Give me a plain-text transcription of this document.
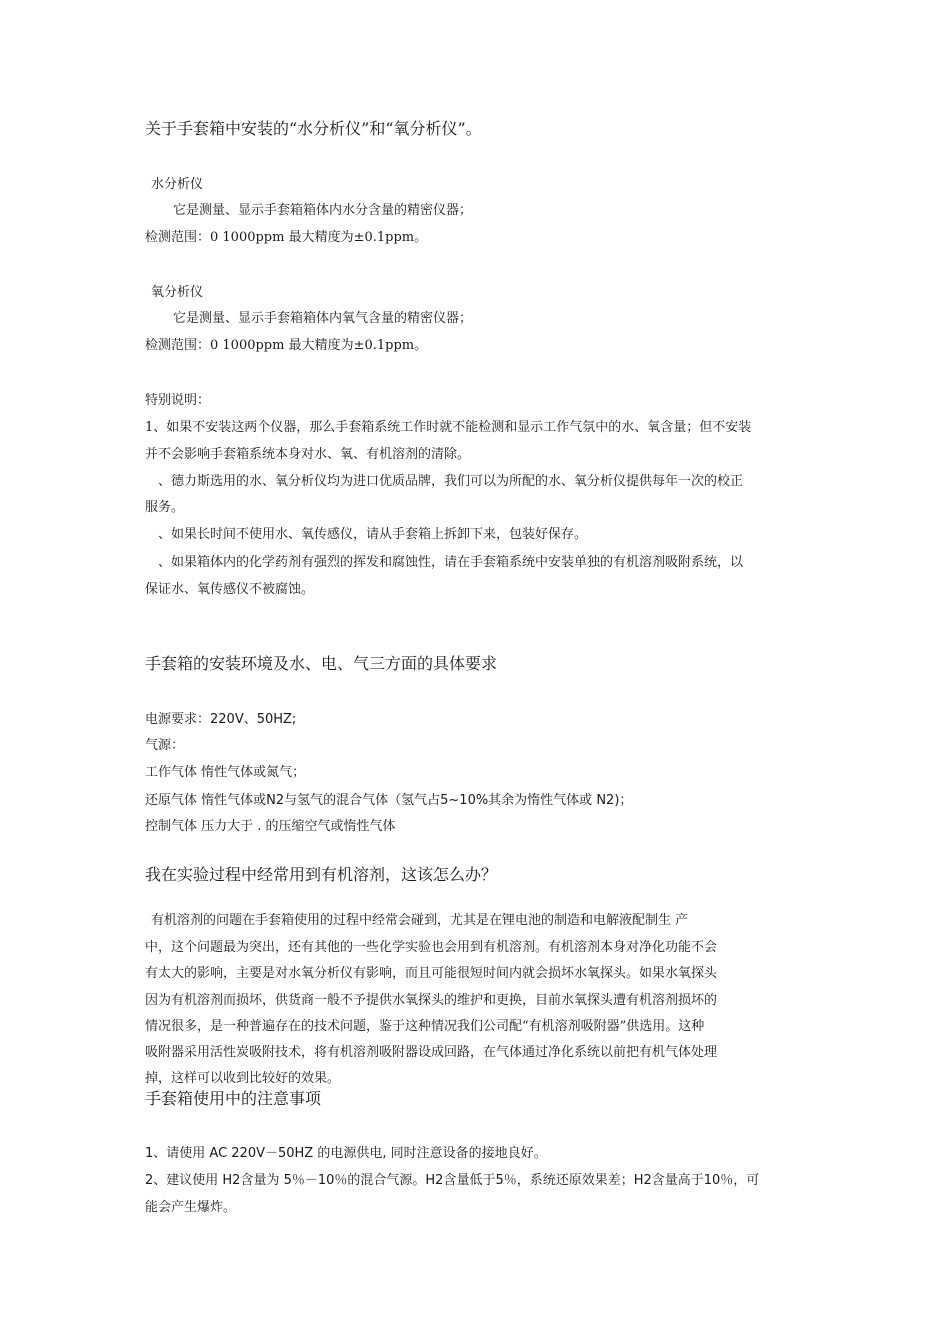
关于手套箱中安装的“水分析仪”和“氧分析仪”。
水分析仪
它是测量、显示手套箱箱体内水分含量的精密仪器；
检测范围：0 1000ppm 最大精度为±0.1ppm。
氧分析仪
它是测量、显示手套箱箱体内氧气含量的精密仪器；
检测范围：0 1000ppm 最大精度为±0.1ppm。
特别说明：
1、如果不安装这两个仪器，那么手套箱系统工作时就不能检测和显示工作气氛中的水、氧含量；但不安装
并不会影响手套箱系统本身对水、氧、有机溶剂的清除。
、德力斯选用的水、氧分析仪均为进口优质品牌，我们可以为所配的水、氧分析仪提供每年一次的校正
服务。
、如果长时间不使用水、氧传感仪，请从手套箱上拆卸下来，包装好保存。
、如果箱体内的化学药剂有强烈的挥发和腐蚀性，请在手套箱系统中安装单独的有机溶剂吸附系统，以
保证水、氧传感仪不被腐蚀。
手套箱的安装环境及水、电、气三方面的具体要求
电源要求：220V、50HZ;
气源：
工作气体 惰性气体或氮气；
还原气体 惰性气体或N2与氢气的混合气体（氢气占5~10%其余为惰性气体或 N2)；
控制气体 压力大于 . 的压缩空气或惰性气体
我在实验过程中经常用到有机溶剂，这该怎么办？
有机溶剂的问题在手套箱使用的过程中经常会碰到，尤其是在锂电池的制造和电解液配制生 产
中，这个问题最为突出，还有其他的一些化学实验也会用到有机溶剂。有机溶剂本身对净化功能不会
有太大的影响，主要是对水氧分析仪有影响，而且可能很短时间内就会损坏水氧探头。如果水氧探头
因为有机溶剂而损坏，供货商一般不予提供水氧探头的维护和更换，目前水氧探头遭有机溶剂损坏的
情况很多，是一种普遍存在的技术问题，鉴于这种情况我们公司配“有机溶剂吸附器”供选用。这种
吸附器采用活性炭吸附技术，将有机溶剂吸附器设成回路，在气体通过净化系统以前把有机气体处理
掉，这样可以收到比较好的效果。
手套箱使用中的注意事项
1、请使用 AC 220V－50HZ 的电源供电, 同时注意设备的接地良好。
2、建议使用 H2含量为 5％－10％的混合气源。H2含量低于5％，系统还原效果差；H2含量高于10％，可
能会产生爆炸。
